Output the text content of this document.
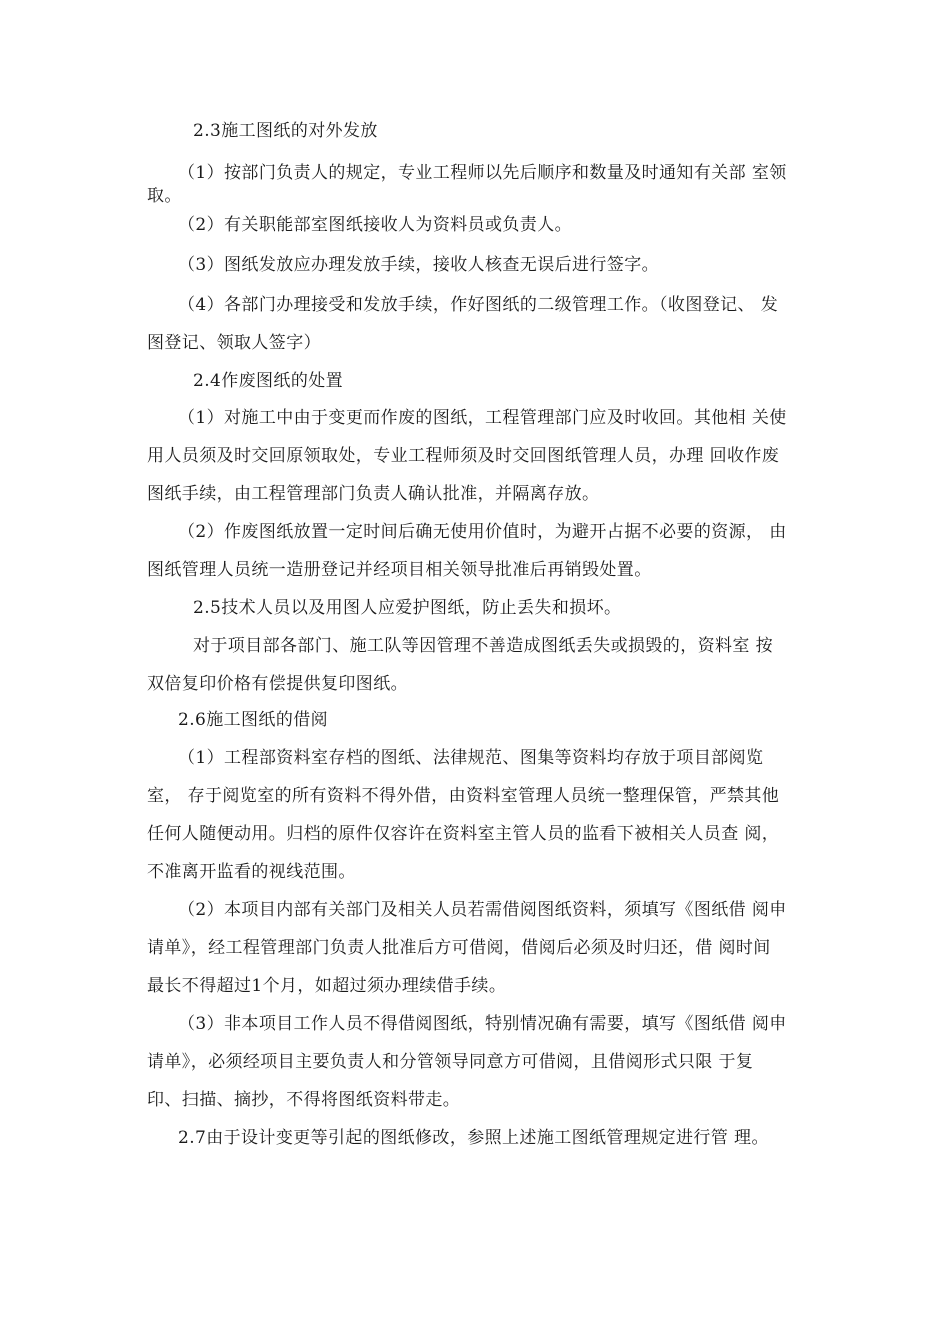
2.3施工图纸的对外发放
（1）按部门负责人的规定，专业工程师以先后顺序和数量及时通知有关部 室领
取。
（2）有关职能部室图纸接收人为资料员或负责人。
（3）图纸发放应办理发放手续，接收人核查无误后进行签字。
（4）各部门办理接受和发放手续，作好图纸的二级管理工作。（收图登记、 发
图登记、领取人签字）
2.4作废图纸的处置
（1）对施工中由于变更而作废的图纸，工程管理部门应及时收回。其他相 关使
用人员须及时交回原领取处，专业工程师须及时交回图纸管理人员，办理 回收作废
图纸手续，由工程管理部门负责人确认批准，并隔离存放。
（2）作废图纸放置一定时间后确无使用价值时，为避开占据不必要的资源， 由
图纸管理人员统一造册登记并经项目相关领导批准后再销毁处置。
2.5技术人员以及用图人应爱护图纸，防止丢失和损坏。
对于项目部各部门、施工队等因管理不善造成图纸丢失或损毁的，资料室 按
双倍复印价格有偿提供复印图纸。
2.6施工图纸的借阅
（1）工程部资料室存档的图纸、法律规范、图集等资料均存放于项目部阅览
室， 存于阅览室的所有资料不得外借，由资料室管理人员统一整理保管，严禁其他
任何人随便动用。归档的原件仅容许在资料室主管人员的监看下被相关人员查 阅，
不准离开监看的视线范围。
（2）本项目内部有关部门及相关人员若需借阅图纸资料，须填写《图纸借 阅申
请单》，经工程管理部门负责人批准后方可借阅，借阅后必须及时归还，借 阅时间
最长不得超过1个月，如超过须办理续借手续。
（3）非本项目工作人员不得借阅图纸，特别情况确有需要，填写《图纸借 阅申
请单》，必须经项目主要负责人和分管领导同意方可借阅，且借阅形式只限 于复
印、扫描、摘抄，不得将图纸资料带走。
2.7由于设计变更等引起的图纸修改，参照上述施工图纸管理规定进行管 理。
